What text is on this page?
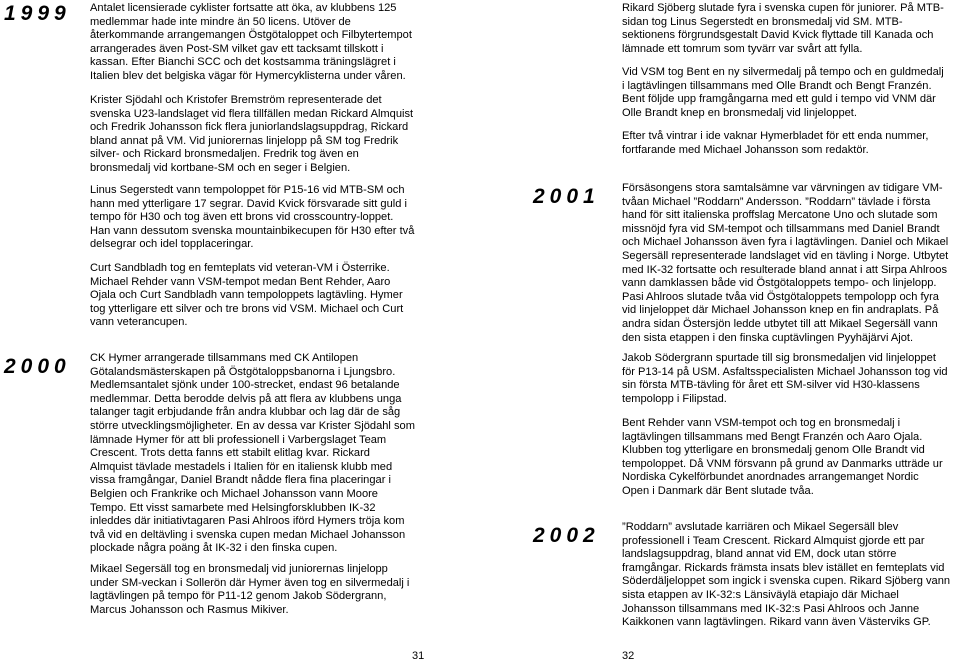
1999
2000

Antalet licensierade cyklister fortsatte att öka, av klubbens 125
medlemmar hade inte mindre än 50 licens. Utöver de
återkommande arrangemangen Östgötaloppet och Filbytertempot
arrangerades även Post-SM vilket gav ett tacksamt tillskott i
kassan. Efter Bianchi SCC och det kostsamma träningslägret i
Italien blev det belgiska vägar för Hymercyklisterna under våren.

Krister Sjödahl och Kristofer Bremström representerade det
svenska U23-landslaget vid flera tillfällen medan Rickard Almquist
och Fredrik Johansson fick flera juniorlandslagsuppdrag, Rickard
bland annat på VM. Vid juniorernas linjelopp på SM tog Fredrik
silver- och Rickard bronsmedaljen. Fredrik tog även en
bronsmedalj vid kortbane-SM och en seger i Belgien.

Linus Segerstedt vann tempoloppet för P15-16 vid MTB-SM och
hann med ytterligare 17 segrar. David Kvick försvarade sitt guld i
tempo för H30 och tog även ett brons vid crosscountry-loppet.
Han vann dessutom svenska mountainbikecupen för H30 efter två
delsegrar och idel topplaceringar.

Curt Sandbladh tog en femteplats vid veteran-VM i Österrike.
Michael Rehder vann VSM-tempot medan Bent Rehder, Aaro
Ojala och Curt Sandbladh vann tempoloppets lagtävling. Hymer
tog ytterligare ett silver och tre brons vid VSM. Michael och Curt
vann veterancupen.

CK Hymer arrangerade tillsammans med CK Antilopen
Götalandsmästerskapen på Östgötaloppsbanorna i Ljungsbro.
Medlemsantalet sjönk under 100-strecket, endast 96 betalande
medlemmar. Detta berodde delvis på att flera av klubbens unga
talanger tagit erbjudande från andra klubbar och lag där de såg
större utvecklingsmöjligheter. En av dessa var Krister Sjödahl som
lämnade Hymer för att bli professionell i Varbergslaget Team
Crescent. Trots detta fanns ett stabilt elitlag kvar. Rickard
Almquist tävlade mestadels i Italien för en italiensk klubb med
vissa framgångar, Daniel Brandt nådde flera fina placeringar i
Belgien och Frankrike och Michael Johansson vann Moore
Tempo. Ett visst samarbete med Helsingforsklubben IK-32
inleddes där initiativtagaren Pasi Ahlroos iförd Hymers tröja kom
två vid en deltävling i svenska cupen medan Michael Johansson
plockade några poäng åt IK-32 i den finska cupen.

Mikael Segersäll tog en bronsmedalj vid juniorernas linjelopp
under SM-veckan i Sollerön där Hymer även tog en silvermedalj i
lagtävlingen på tempo för P11-12 genom Jakob Södergrann,
Marcus Johansson och Rasmus Mikiver.

31
2001
2002

Rikard Sjöberg slutade fyra i svenska cupen för juniorer. På MTB-
sidan tog Linus Segerstedt en bronsmedalj vid SM. MTB-
sektionens förgrundsgestalt David Kvick flyttade till Kanada och
lämnade ett tomrum som tyvärr var svårt att fylla.

Vid VSM tog Bent en ny silvermedalj på tempo och en guldmedalj
i lagtävlingen tillsammans med Olle Brandt och Bengt Franzén.
Bent följde upp framgångarna med ett guld i tempo vid VNM där
Olle Brandt knep en bronsmedalj vid linjeloppet.

Efter två vintrar i ide vaknar Hymerbladet för ett enda nummer,
fortfarande med Michael Johansson som redaktör.

Försäsongens stora samtalsämne var värvningen av tidigare VM-
tvåan Michael ”Roddarn” Andersson. ”Roddarn” tävlade i första
hand för sitt italienska proffslag Mercatone Uno och slutade som
missnöjd fyra vid SM-tempot och tillsammans med Daniel Brandt
och Michael Johansson även fyra i lagtävlingen. Daniel och Mikael
Segersäll representerade landslaget vid en tävling i Norge. Utbytet
med IK-32 fortsatte och resulterade bland annat i att Sirpa Ahlroos
vann damklassen både vid Östgötaloppets tempo- och linjelopp.
Pasi Ahlroos slutade tvåa vid Östgötaloppets tempolopp och fyra
vid linjeloppet där Michael Johansson knep en fin andraplats. På
andra sidan Östersjön ledde utbytet till att Mikael Segersäll vann
den sista etappen i den finska cuptävlingen Pyyhäjärvi Ajot.

Jakob Södergrann spurtade till sig bronsmedaljen vid linjeloppet
för P13-14 på USM. Asfaltsspecialisten Michael Johansson tog vid
sin första MTB-tävling för året ett SM-silver vid H30-klassens
tempolopp i Filipstad.

Bent Rehder vann VSM-tempot och tog en bronsmedalj i
lagtävlingen tillsammans med Bengt Franzén och Aaro Ojala.
Klubben tog ytterligare en bronsmedalj genom Olle Brandt vid
tempoloppet. Då VNM försvann på grund av Danmarks utträde ur
Nordiska Cykelförbundet anordnades arrangemanget Nordic
Open i Danmark där Bent slutade tvåa.

”Roddarn” avslutade karriären och Mikael Segersäll blev
professionell i Team Crescent. Rickard Almquist gjorde ett par
landslagsuppdrag, bland annat vid EM, dock utan större
framgångar. Rickards främsta insats blev istället en femteplats vid
Söderdäljeloppet som ingick i svenska cupen. Rikard Sjöberg vann
sista etappen av IK-32:s Länsiväylä etapiajo där Michael
Johansson tillsammans med IK-32:s Pasi Ahlroos och Janne
Kaikkonen vann lagtävlingen. Rikard vann även Västerviks GP.

32
